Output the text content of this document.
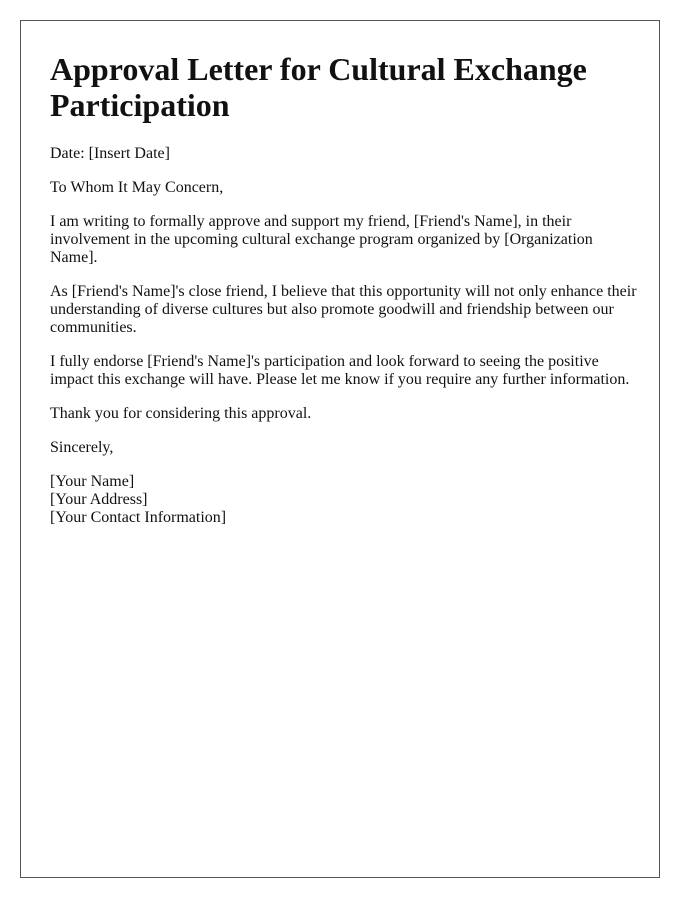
Approval Letter for Cultural Exchange Participation

Date: [Insert Date]

To Whom It May Concern,

I am writing to formally approve and support my friend, [Friend's Name], in their involvement in the upcoming cultural exchange program organized by [Organization Name].

As [Friend's Name]'s close friend, I believe that this opportunity will not only enhance their understanding of diverse cultures but also promote goodwill and friendship between our communities.

I fully endorse [Friend's Name]'s participation and look forward to seeing the positive impact this exchange will have. Please let me know if you require any further information.

Thank you for considering this approval.

Sincerely,

[Your Name]
[Your Address]
[Your Contact Information]
